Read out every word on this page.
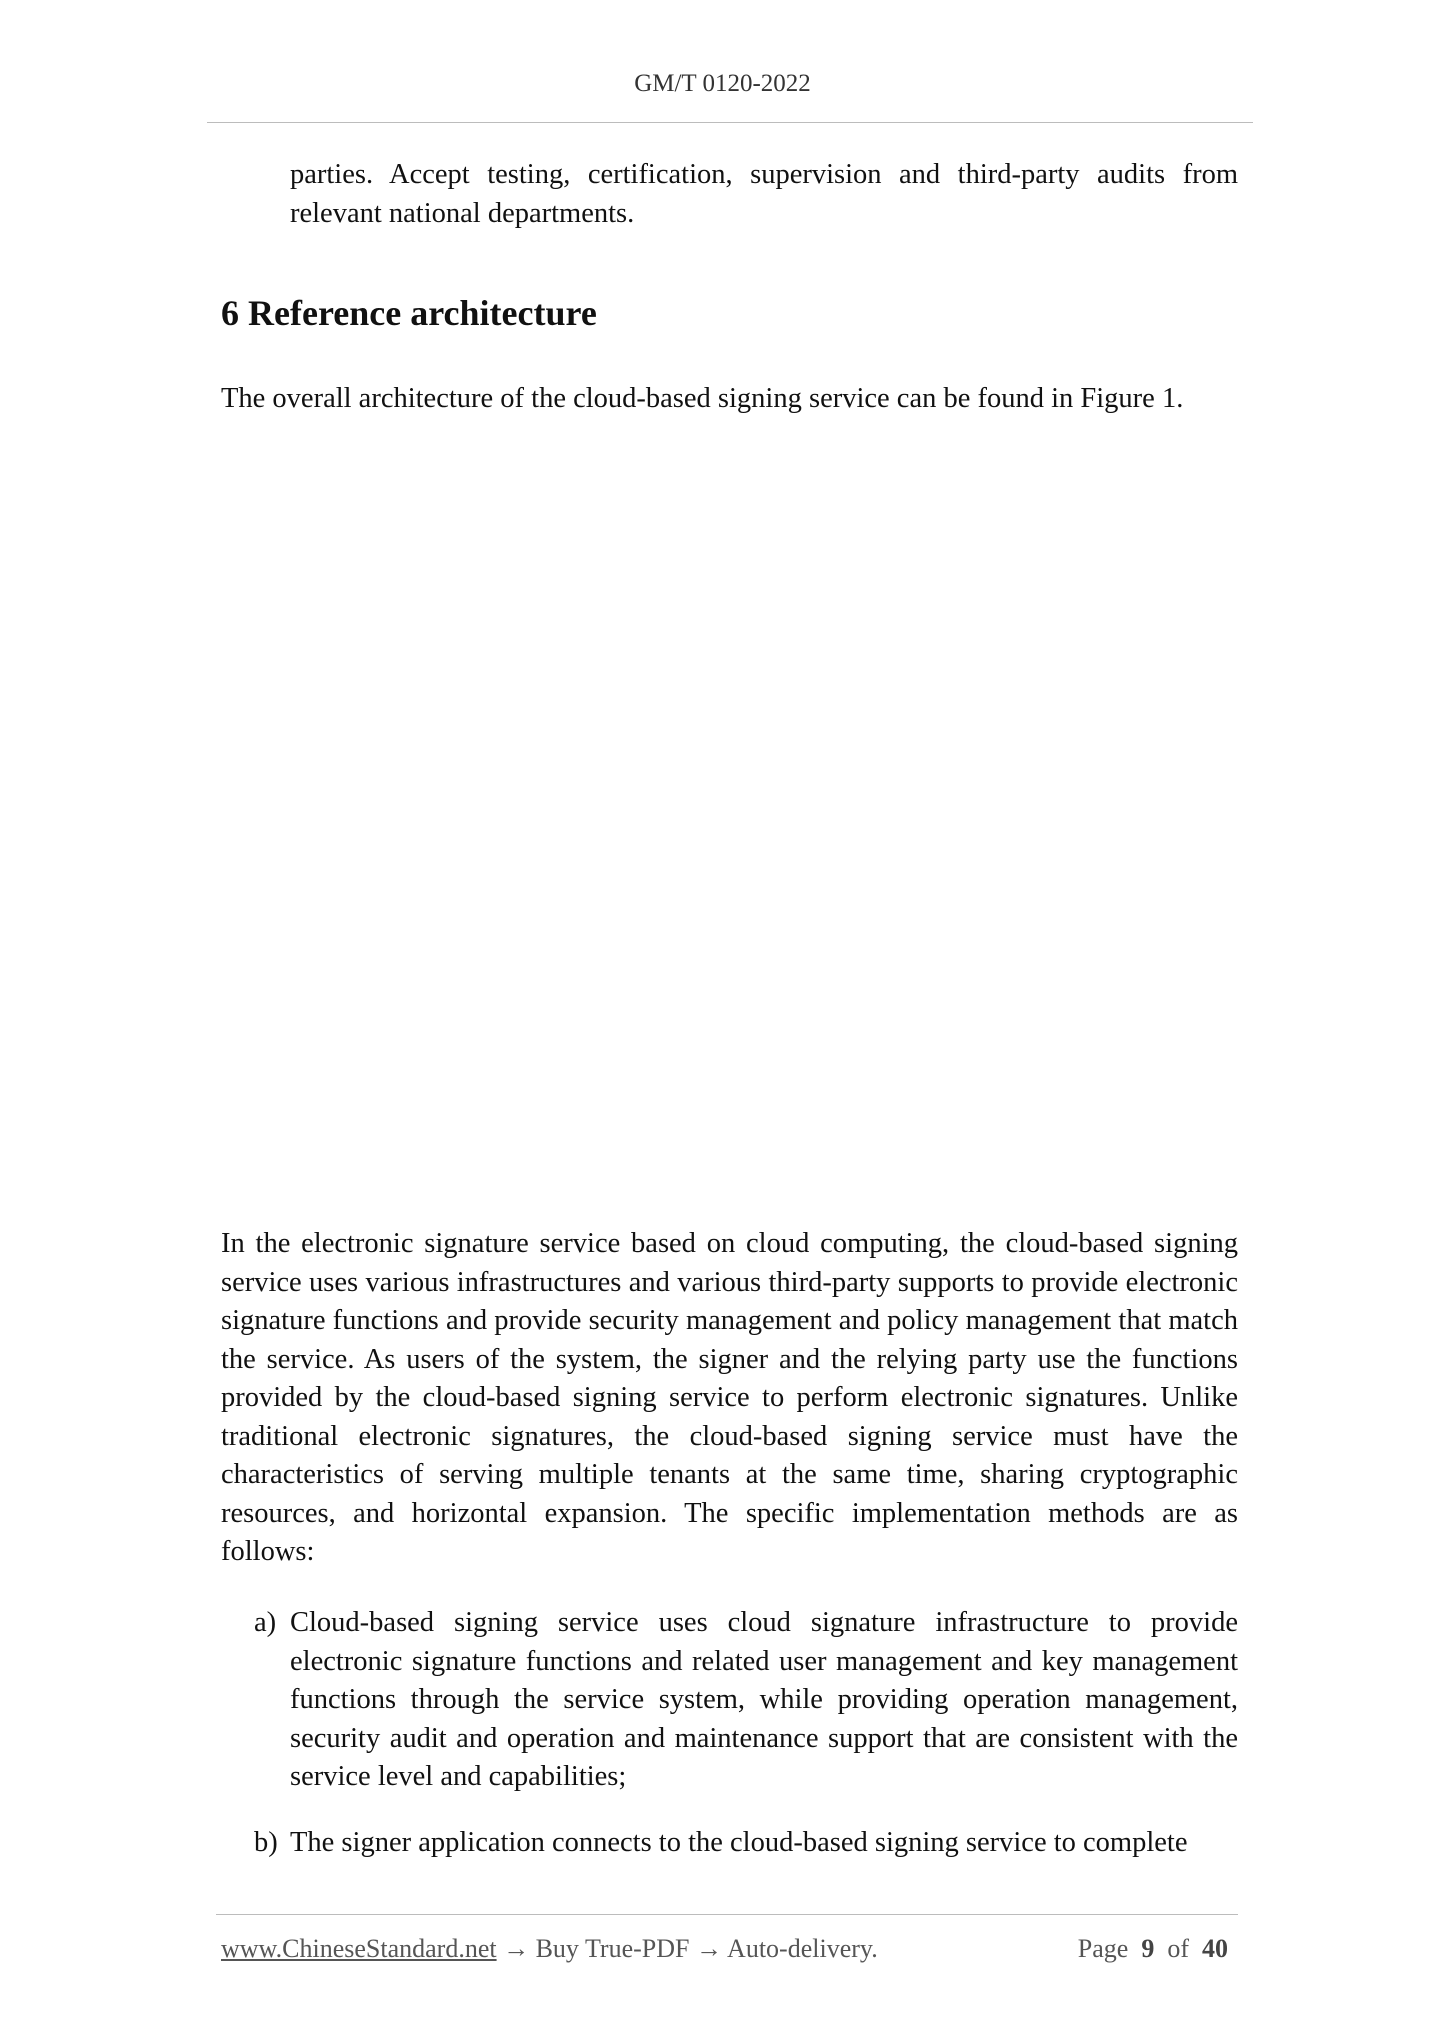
GM/T 0120-2022

parties. Accept testing, certification, supervision and third-party audits from relevant national departments.

6 Reference architecture

The overall architecture of the cloud-based signing service can be found in Figure 1.

In the electronic signature service based on cloud computing, the cloud-based signing service uses various infrastructures and various third-party supports to provide electronic signature functions and provide security management and policy management that match the service. As users of the system, the signer and the relying party use the functions provided by the cloud-based signing service to perform electronic signatures. Unlike traditional electronic signatures, the cloud-based signing service must have the characteristics of serving multiple tenants at the same time, sharing cryptographic resources, and horizontal expansion. The specific implementation methods are as follows:

a) Cloud-based signing service uses cloud signature infrastructure to provide electronic signature functions and related user management and key management functions through the service system, while providing operation management, security audit and operation and maintenance support that are consistent with the service level and capabilities;
b) The signer application connects to the cloud-based signing service to complete
www.ChineseStandard.net → Buy True-PDF → Auto-delivery.	Page 9 of 40
